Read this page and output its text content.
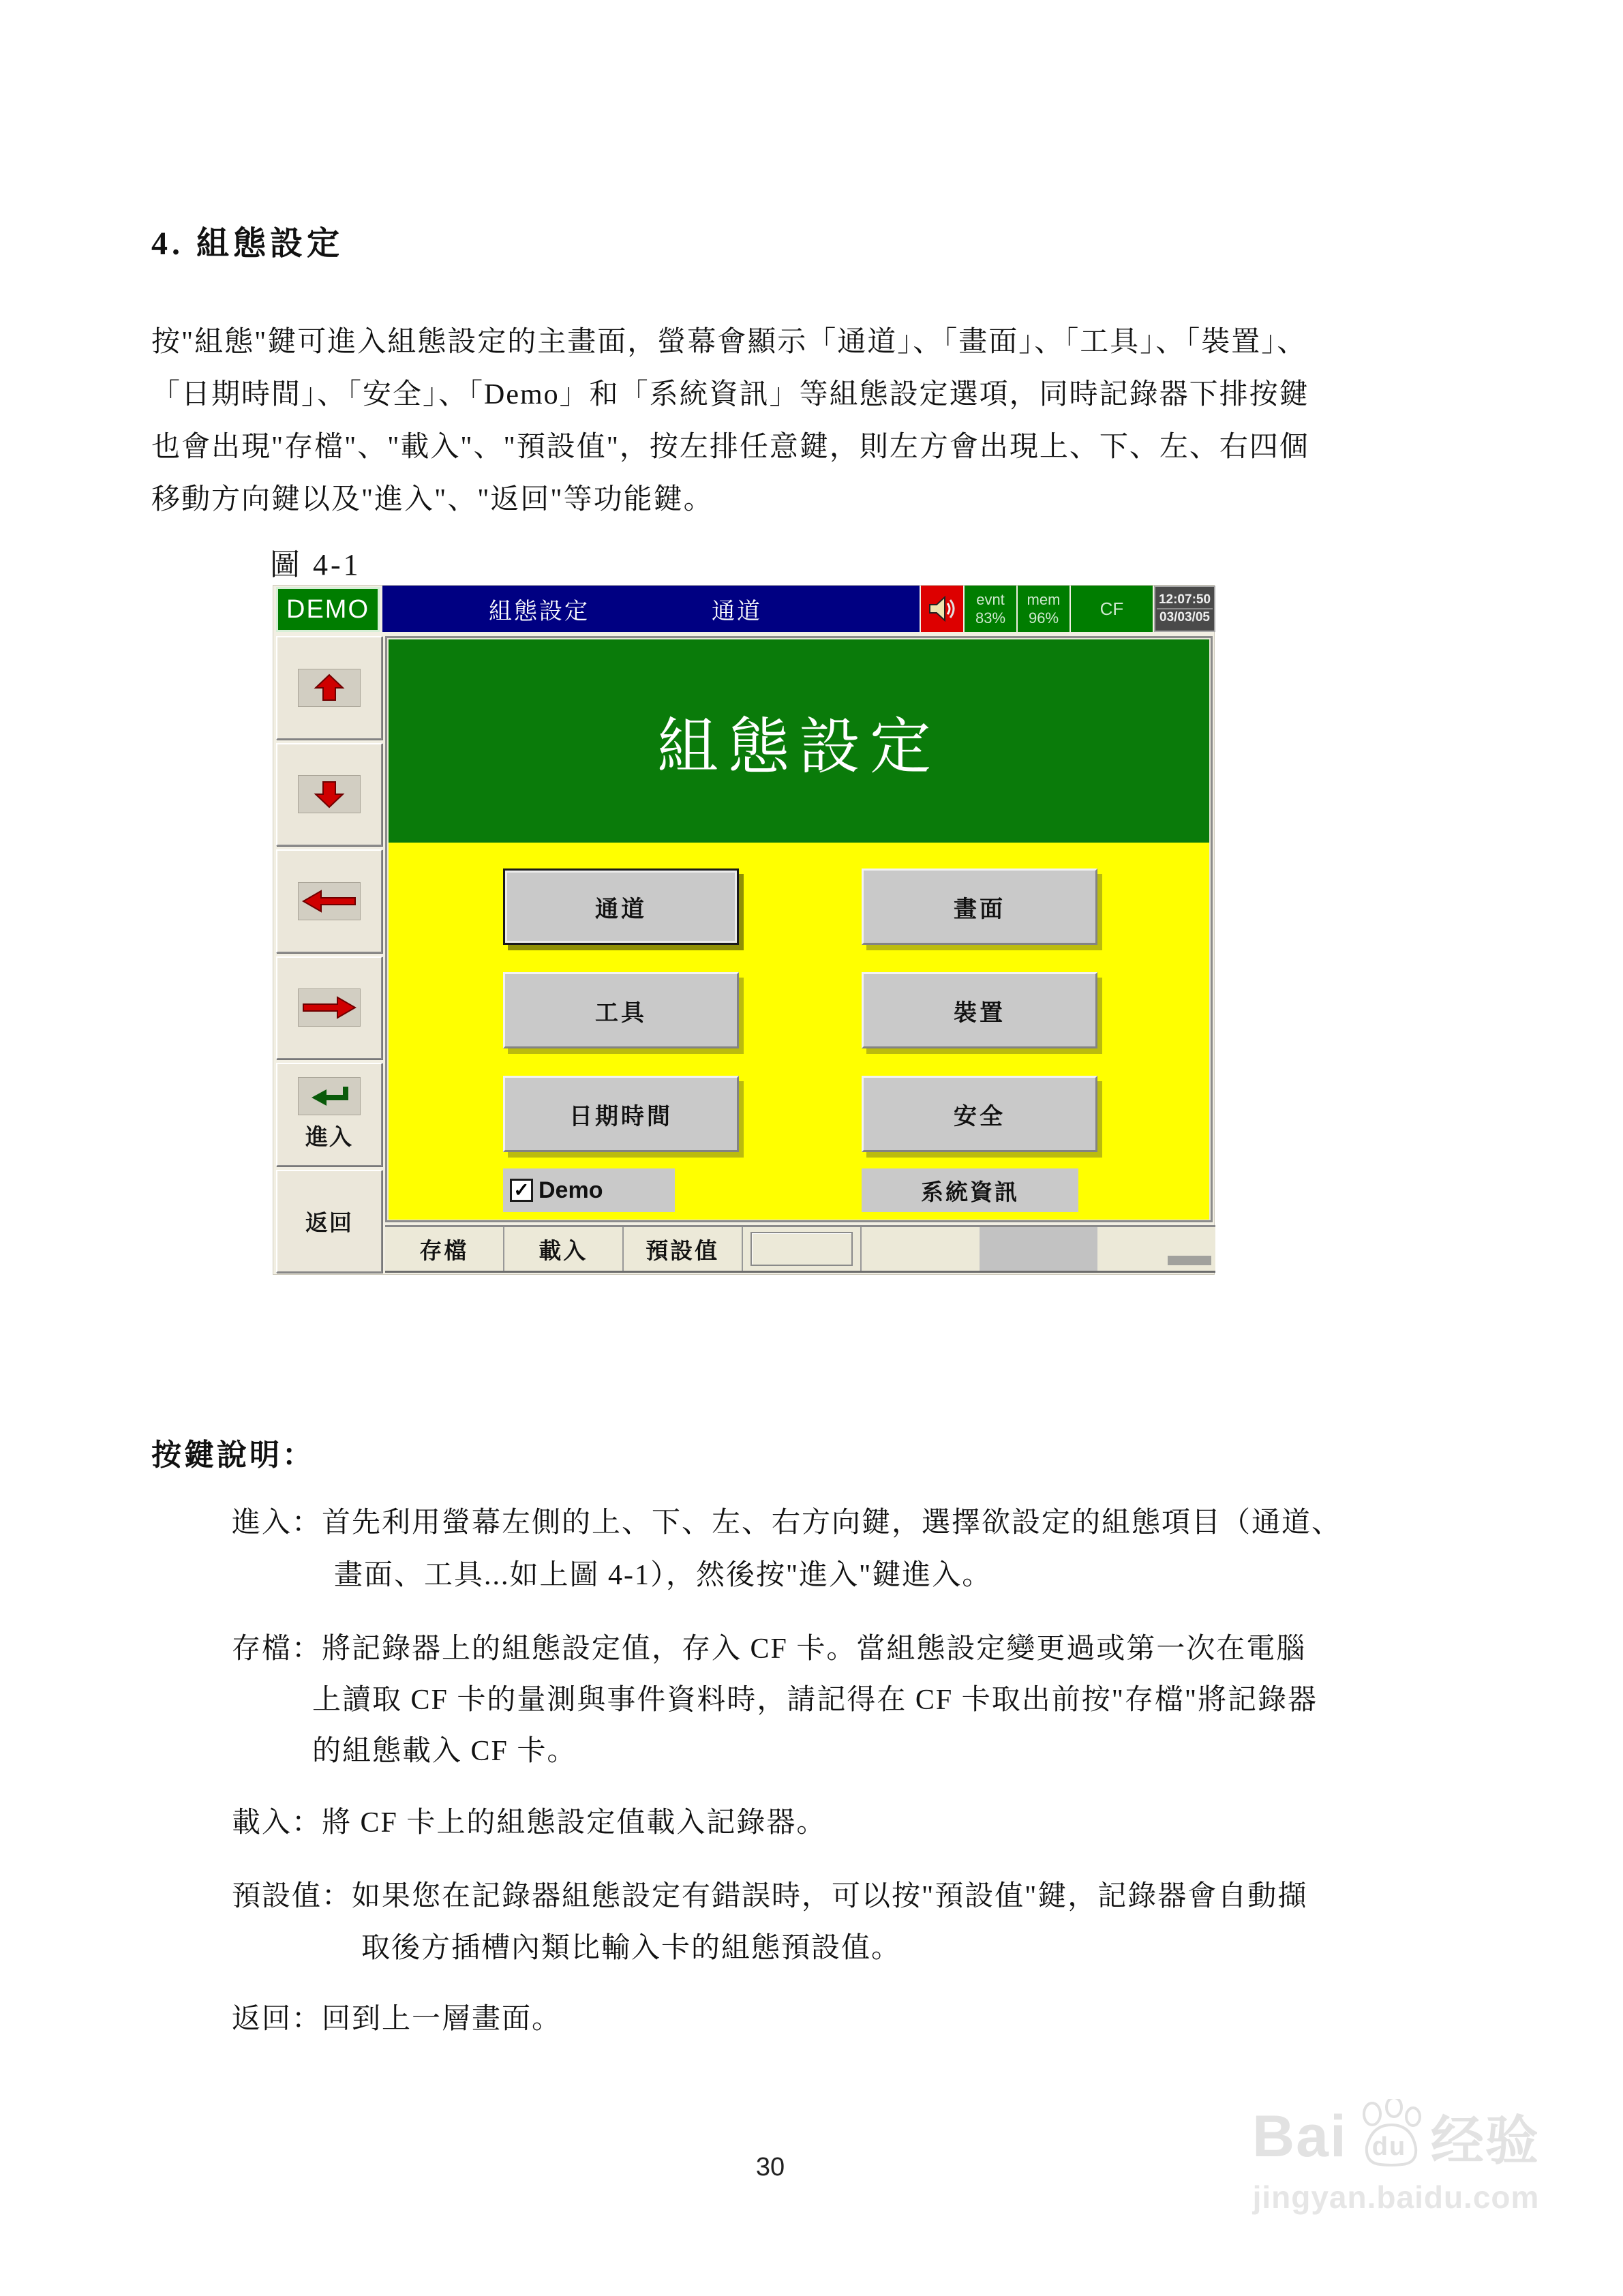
4. 組態設定
按"組態"鍵可進入組態設定的主畫面，螢幕會顯示「通道」、「畫面」、「工具」、「裝置」、
「日期時間」、「安全」、「Demo」和「系統資訊」等組態設定選項，同時記錄器下排按鍵
也會出現"存檔"、"載入"、"預設值"，按左排任意鍵，則左方會出現上、下、左、右四個
移動方向鍵以及"進入"、"返回"等功能鍵。
圖 4-1
DEMO	組態設定	通道	evnt
83%
mem
96% CF	12:07:50
03/03/05
進入
返回
組態設定
通道	畫面
工具	裝置
日期時間	安全
✓ Demo	系統資訊
存檔	載入	預設值
按鍵說明：
進入：首先利用螢幕左側的上、下、左、右方向鍵，選擇欲設定的組態項目（通道、
畫面、工具...如上圖 4-1），然後按"進入"鍵進入。
存檔：將記錄器上的組態設定值，存入 CF 卡。當組態設定變更過或第一次在電腦
上讀取 CF 卡的量測與事件資料時，請記得在 CF 卡取出前按"存檔"將記錄器
的組態載入 CF 卡。
載入：將 CF 卡上的組態設定值載入記錄器。
預設值：如果您在記錄器組態設定有錯誤時，可以按"預設值"鍵，記錄器會自動擷
取後方插槽內類比輸入卡的組態預設值。
返回：回到上一層畫面。
30	Bai du 经验
jingyan.baidu.com
